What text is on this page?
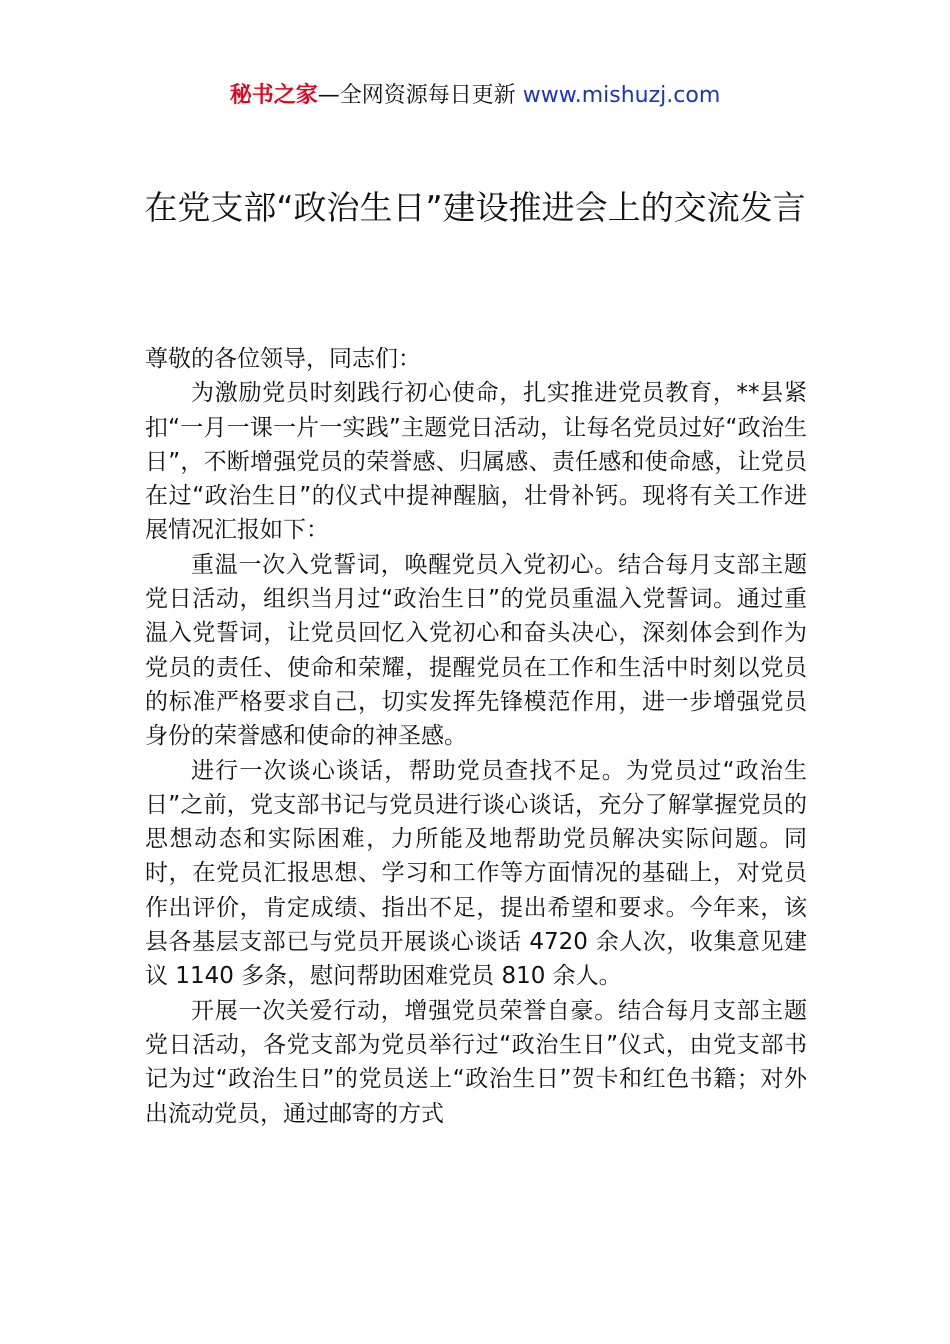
秘书之家—全网资源每日更新 www.mishuzj.com
在党支部“政治生日”建设推进会上的交流发言

尊敬的各位领导，同志们：

为激励党员时刻践行初心使命，扎实推进党员教育，**县紧扣“一月一课一片一实践”主题党日活动，让每名党员过好“政治生日”，不断增强党员的荣誉感、归属感、责任感和使命感，让党员在过“政治生日”的仪式中提神醒脑，壮骨补钙。现将有关工作进展情况汇报如下：

重温一次入党誓词，唤醒党员入党初心。结合每月支部主题党日活动，组织当月过“政治生日”的党员重温入党誓词。通过重温入党誓词，让党员回忆入党初心和奋头决心，深刻体会到作为党员的责任、使命和荣耀，提醒党员在工作和生活中时刻以党员的标准严格要求自己，切实发挥先锋模范作用，进一步增强党员身份的荣誉感和使命的神圣感。

进行一次谈心谈话，帮助党员查找不足。为党员过“政治生日”之前，党支部书记与党员进行谈心谈话，充分了解掌握党员的思想动态和实际困难，力所能及地帮助党员解决实际问题。同时，在党员汇报思想、学习和工作等方面情况的基础上，对党员作出评价，肯定成绩、指出不足，提出希望和要求。今年来，该县各基层支部已与党员开展谈心谈话 4720 余人次，收集意见建议 1140 多条，慰问帮助困难党员 810 余人。

开展一次关爱行动，增强党员荣誉自豪。结合每月支部主题党日活动，各党支部为党员举行过“政治生日”仪式，由党支部书记为过“政治生日”的党员送上“政治生日”贺卡和红色书籍；对外出流动党员，通过邮寄的方式
